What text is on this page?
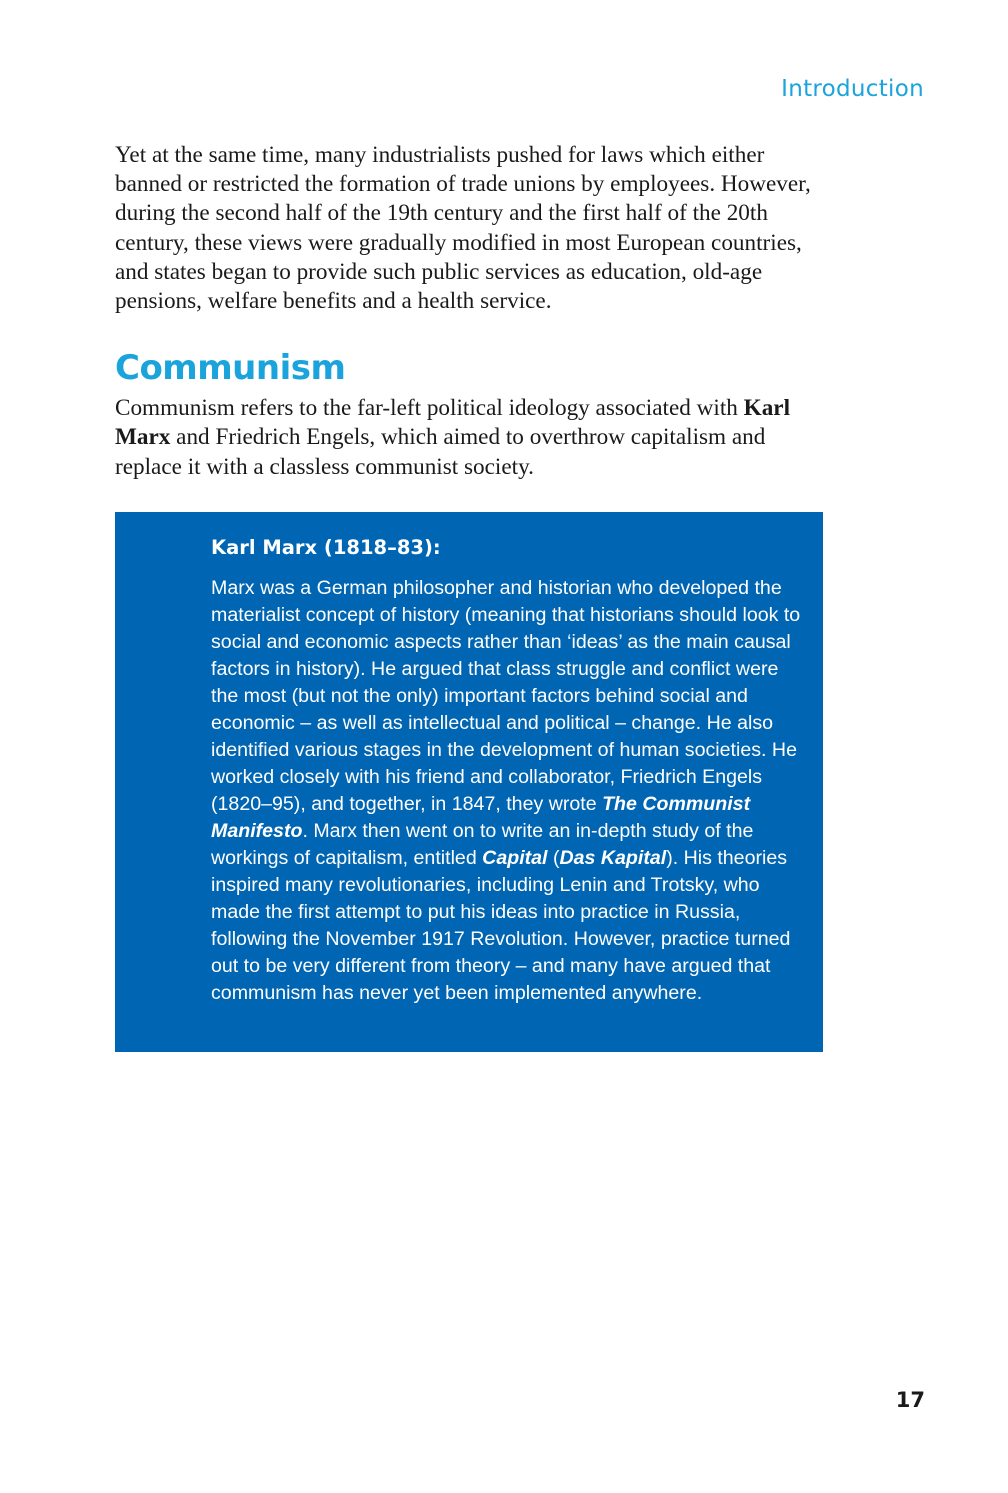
Introduction

Yet at the same time, many industrialists pushed for laws which either banned or restricted the formation of trade unions by employees. However, during the second half of the 19th century and the first half of the 20th century, these views were gradually modified in most European countries, and states began to provide such public services as education, old-age pensions, welfare benefits and a health service.

Communism

Communism refers to the far-left political ideology associated with Karl Marx and Friedrich Engels, which aimed to overthrow capitalism and replace it with a classless communist society.

Karl Marx (1818–83):

Marx was a German philosopher and historian who developed the materialist concept of history (meaning that historians should look to social and economic aspects rather than ‘ideas’ as the main causal factors in history). He argued that class struggle and conflict were the most (but not the only) important factors behind social and economic – as well as intellectual and political – change. He also identified various stages in the development of human societies. He worked closely with his friend and collaborator, Friedrich Engels (1820–95), and together, in 1847, they wrote The Communist Manifesto. Marx then went on to write an in-depth study of the workings of capitalism, entitled Capital (Das Kapital). His theories inspired many revolutionaries, including Lenin and Trotsky, who made the first attempt to put his ideas into practice in Russia, following the November 1917 Revolution. However, practice turned out to be very different from theory – and many have argued that communism has never yet been implemented anywhere.

17
